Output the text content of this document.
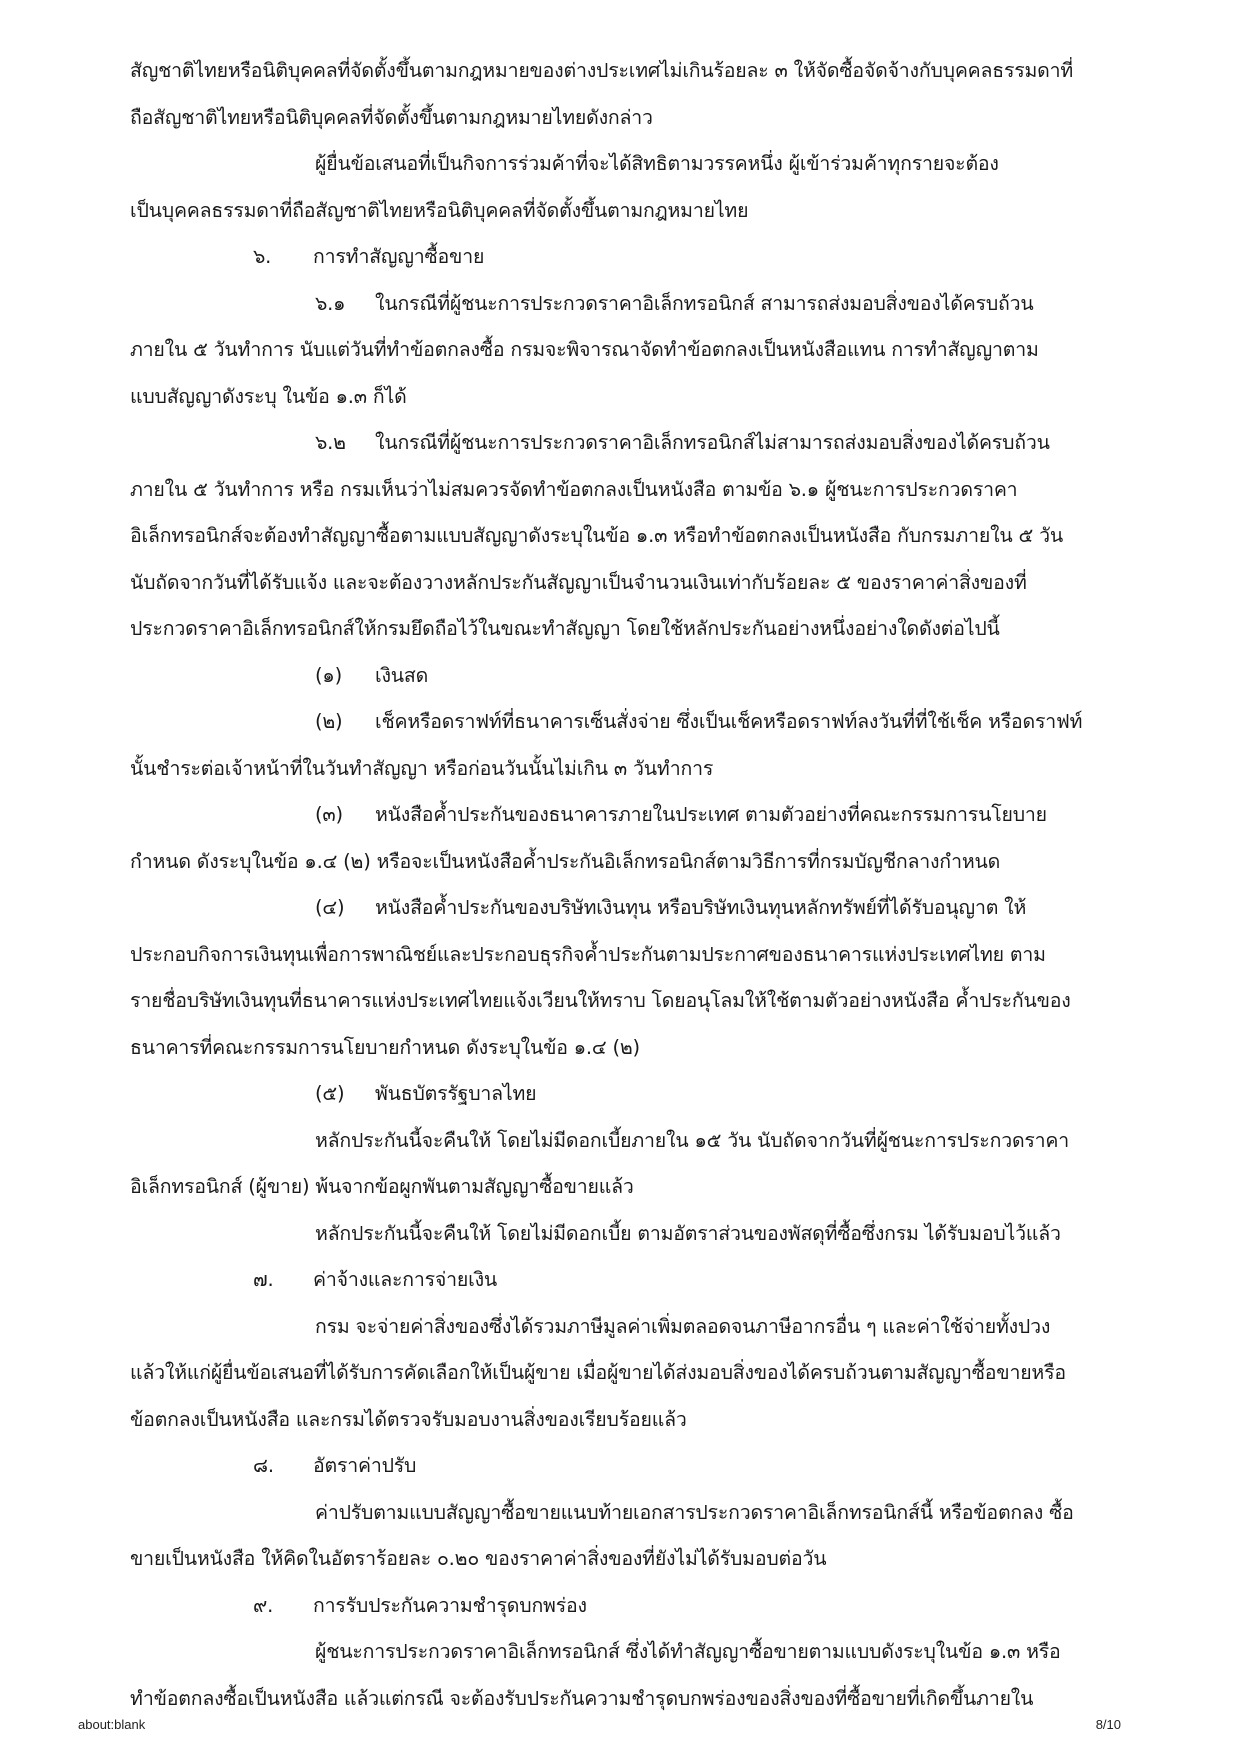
สัญชาติไทยหรือนิติบุคคลที่จัดตั้งขึ้นตามกฎหมายของต่างประเทศไม่เกินร้อยละ ๓ ให้จัดซื้อจัดจ้างกับบุคคลธรรมดาที่
ถือสัญชาติไทยหรือนิติบุคคลที่จัดตั้งขึ้นตามกฎหมายไทยดังกล่าว
ผู้ยื่นข้อเสนอที่เป็นกิจการร่วมค้าที่จะได้สิทธิตามวรรคหนึ่ง ผู้เข้าร่วมค้าทุกรายจะต้อง
เป็นบุคคลธรรมดาที่ถือสัญชาติไทยหรือนิติบุคคลที่จัดตั้งขึ้นตามกฎหมายไทย
๖. การทำสัญญาซื้อขาย
๖.๑ ในกรณีที่ผู้ชนะการประกวดราคาอิเล็กทรอนิกส์ สามารถส่งมอบสิ่งของได้ครบถ้วน
ภายใน ๕ วันทำการ นับแต่วันที่ทำข้อตกลงซื้อ กรมจะพิจารณาจัดทำข้อตกลงเป็นหนังสือแทน การทำสัญญาตาม
แบบสัญญาดังระบุ ในข้อ ๑.๓ ก็ได้
๖.๒ ในกรณีที่ผู้ชนะการประกวดราคาอิเล็กทรอนิกส์ไม่สามารถส่งมอบสิ่งของได้ครบถ้วน
ภายใน ๕ วันทำการ หรือ กรมเห็นว่าไม่สมควรจัดทำข้อตกลงเป็นหนังสือ ตามข้อ ๖.๑ ผู้ชนะการประกวดราคา
อิเล็กทรอนิกส์จะต้องทำสัญญาซื้อตามแบบสัญญาดังระบุในข้อ ๑.๓ หรือทำข้อตกลงเป็นหนังสือ กับกรมภายใน ๕ วัน
นับถัดจากวันที่ได้รับแจ้ง และจะต้องวางหลักประกันสัญญาเป็นจำนวนเงินเท่ากับร้อยละ ๕ ของราคาค่าสิ่งของที่
ประกวดราคาอิเล็กทรอนิกส์ให้กรมยึดถือไว้ในขณะทำสัญญา โดยใช้หลักประกันอย่างหนึ่งอย่างใดดังต่อไปนี้
(๑) เงินสด
(๒) เช็คหรือดราฟท์ที่ธนาคารเซ็นสั่งจ่าย ซึ่งเป็นเช็คหรือดราฟท์ลงวันที่ที่ใช้เช็ค หรือดราฟท์
นั้นชำระต่อเจ้าหน้าที่ในวันทำสัญญา หรือก่อนวันนั้นไม่เกิน ๓ วันทำการ
(๓) หนังสือค้ำประกันของธนาคารภายในประเทศ ตามตัวอย่างที่คณะกรรมการนโยบาย
กำหนด ดังระบุในข้อ ๑.๔ (๒) หรือจะเป็นหนังสือค้ำประกันอิเล็กทรอนิกส์ตามวิธีการที่กรมบัญชีกลางกำหนด
(๔) หนังสือค้ำประกันของบริษัทเงินทุน หรือบริษัทเงินทุนหลักทรัพย์ที่ได้รับอนุญาต ให้
ประกอบกิจการเงินทุนเพื่อการพาณิชย์และประกอบธุรกิจค้ำประกันตามประกาศของธนาคารแห่งประเทศไทย ตาม
รายชื่อบริษัทเงินทุนที่ธนาคารแห่งประเทศไทยแจ้งเวียนให้ทราบ โดยอนุโลมให้ใช้ตามตัวอย่างหนังสือ ค้ำประกันของ
ธนาคารที่คณะกรรมการนโยบายกำหนด ดังระบุในข้อ ๑.๔ (๒)
(๕) พันธบัตรรัฐบาลไทย
หลักประกันนี้จะคืนให้ โดยไม่มีดอกเบี้ยภายใน ๑๕ วัน นับถัดจากวันที่ผู้ชนะการประกวดราคา
อิเล็กทรอนิกส์ (ผู้ขาย) พ้นจากข้อผูกพันตามสัญญาซื้อขายแล้ว
หลักประกันนี้จะคืนให้ โดยไม่มีดอกเบี้ย ตามอัตราส่วนของพัสดุที่ซื้อซึ่งกรม ได้รับมอบไว้แล้ว
๗. ค่าจ้างและการจ่ายเงิน
กรม จะจ่ายค่าสิ่งของซึ่งได้รวมภาษีมูลค่าเพิ่มตลอดจนภาษีอากรอื่น ๆ และค่าใช้จ่ายทั้งปวง
แล้วให้แก่ผู้ยื่นข้อเสนอที่ได้รับการคัดเลือกให้เป็นผู้ขาย เมื่อผู้ขายได้ส่งมอบสิ่งของได้ครบถ้วนตามสัญญาซื้อขายหรือ
ข้อตกลงเป็นหนังสือ และกรมได้ตรวจรับมอบงานสิ่งของเรียบร้อยแล้ว
๘. อัตราค่าปรับ
ค่าปรับตามแบบสัญญาซื้อขายแนบท้ายเอกสารประกวดราคาอิเล็กทรอนิกส์นี้ หรือข้อตกลง ซื้อ
ขายเป็นหนังสือ ให้คิดในอัตราร้อยละ ๐.๒๐ ของราคาค่าสิ่งของที่ยังไม่ได้รับมอบต่อวัน
๙. การรับประกันความชำรุดบกพร่อง
ผู้ชนะการประกวดราคาอิเล็กทรอนิกส์ ซึ่งได้ทำสัญญาซื้อขายตามแบบดังระบุในข้อ ๑.๓ หรือ
ทำข้อตกลงซื้อเป็นหนังสือ แล้วแต่กรณี จะต้องรับประกันความชำรุดบกพร่องของสิ่งของที่ซื้อขายที่เกิดขึ้นภายใน
about:blank	8/10
